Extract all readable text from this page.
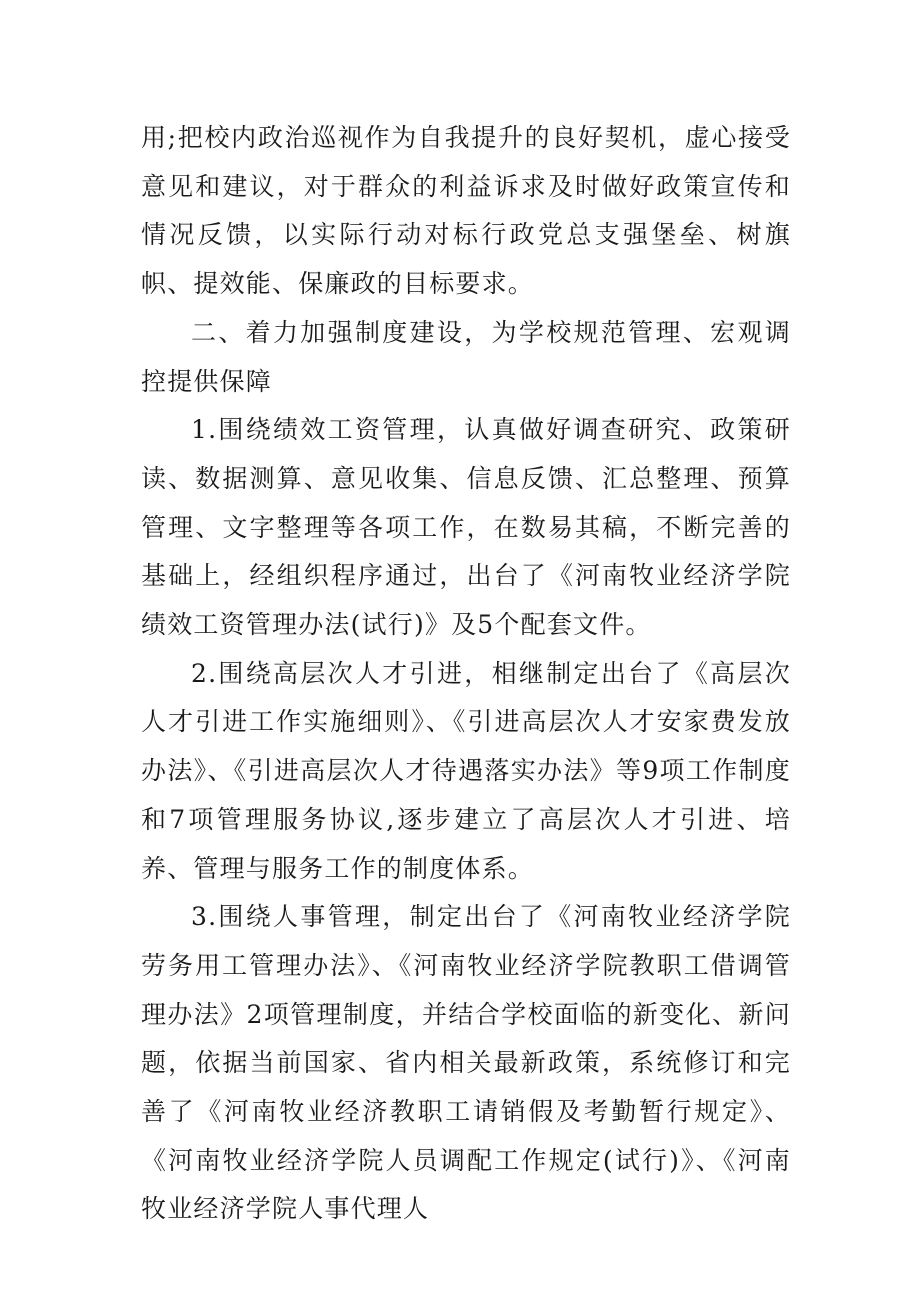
用;把校内政治巡视作为自我提升的良好契机，虚心接受意见和建议，对于群众的利益诉求及时做好政策宣传和情况反馈，以实际行动对标行政党总支强堡垒、树旗帜、提效能、保廉政的目标要求。

二、着力加强制度建设，为学校规范管理、宏观调控提供保障

1.围绕绩效工资管理，认真做好调查研究、政策研读、数据测算、意见收集、信息反馈、汇总整理、预算管理、文字整理等各项工作，在数易其稿，不断完善的基础上，经组织程序通过，出台了《河南牧业经济学院绩效工资管理办法(试行)》及5个配套文件。

2.围绕高层次人才引进，相继制定出台了《高层次人才引进工作实施细则》、《引进高层次人才安家费发放办法》、《引进高层次人才待遇落实办法》等9项工作制度和7项管理服务协议,逐步建立了高层次人才引进、培养、管理与服务工作的制度体系。

3.围绕人事管理，制定出台了《河南牧业经济学院劳务用工管理办法》、《河南牧业经济学院教职工借调管理办法》2项管理制度，并结合学校面临的新变化、新问题，依据当前国家、省内相关最新政策，系统修订和完善了《河南牧业经济教职工请销假及考勤暂行规定》、《河南牧业经济学院人员调配工作规定(试行)》、《河南牧业经济学院人事代理人
